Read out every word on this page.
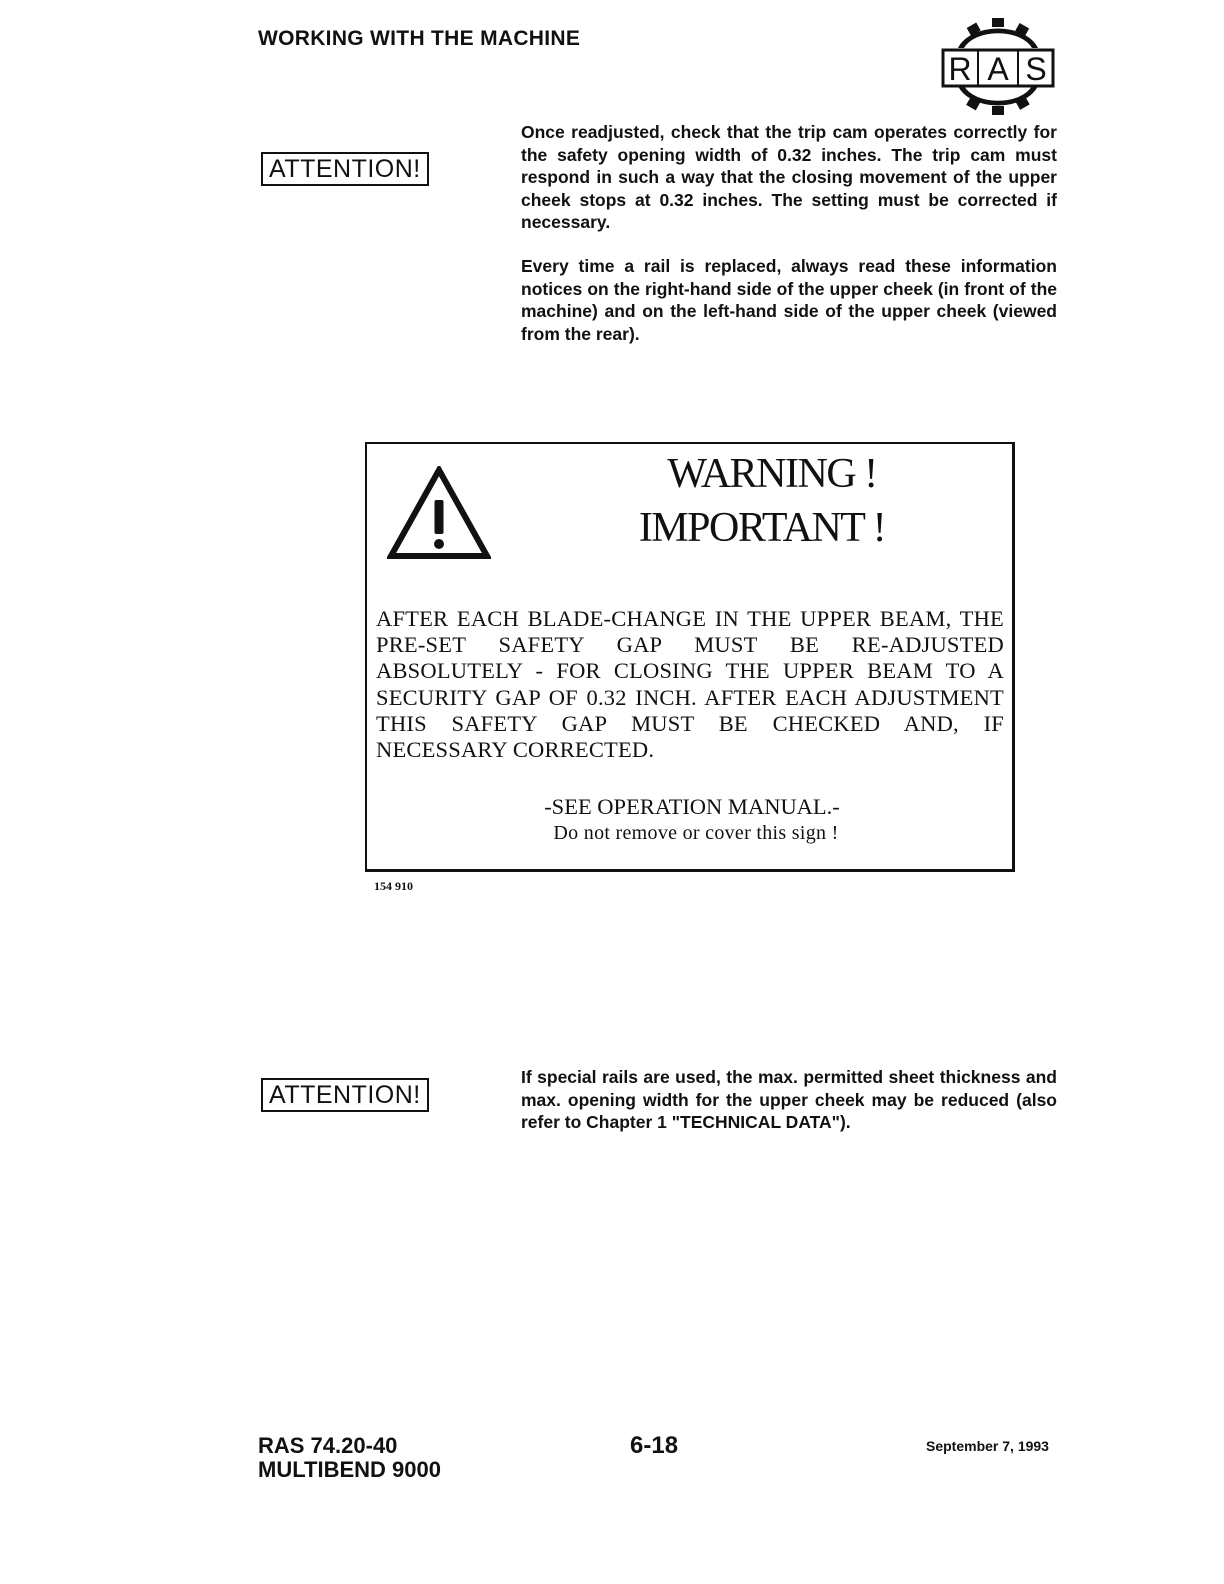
WORKING WITH THE MACHINE
R A S
ATTENTION!
Once readjusted, check that the trip cam operates correctly for the safety opening width of 0.32 inches. The trip cam must respond in such a way that the closing movement of the upper cheek stops at 0.32 inches. The setting must be corrected if necessary.
Every time a rail is replaced, always read these information notices on the right-hand side of the upper cheek (in front of the machine) and on the left-hand side of the upper cheek (viewed from the rear).
WARNING !
IMPORTANT !
AFTER EACH BLADE-CHANGE IN THE UPPER BEAM, THE PRE-SET SAFETY GAP MUST BE RE-ADJUSTED ABSOLUTELY - FOR CLOSING THE UPPER BEAM TO A SECURITY GAP OF 0.32 INCH. AFTER EACH ADJUSTMENT THIS SAFETY GAP MUST BE CHECKED AND, IF NECESSARY CORRECTED.
-SEE OPERATION MANUAL.-
Do not remove or cover this sign !
154 910
ATTENTION!
If special rails are used, the max. permitted sheet thickness and max. opening width for the upper cheek may be reduced (also refer to Chapter 1 "TECHNICAL DATA").
RAS 74.20-40
MULTIBEND 9000
6-18	September 7, 1993
